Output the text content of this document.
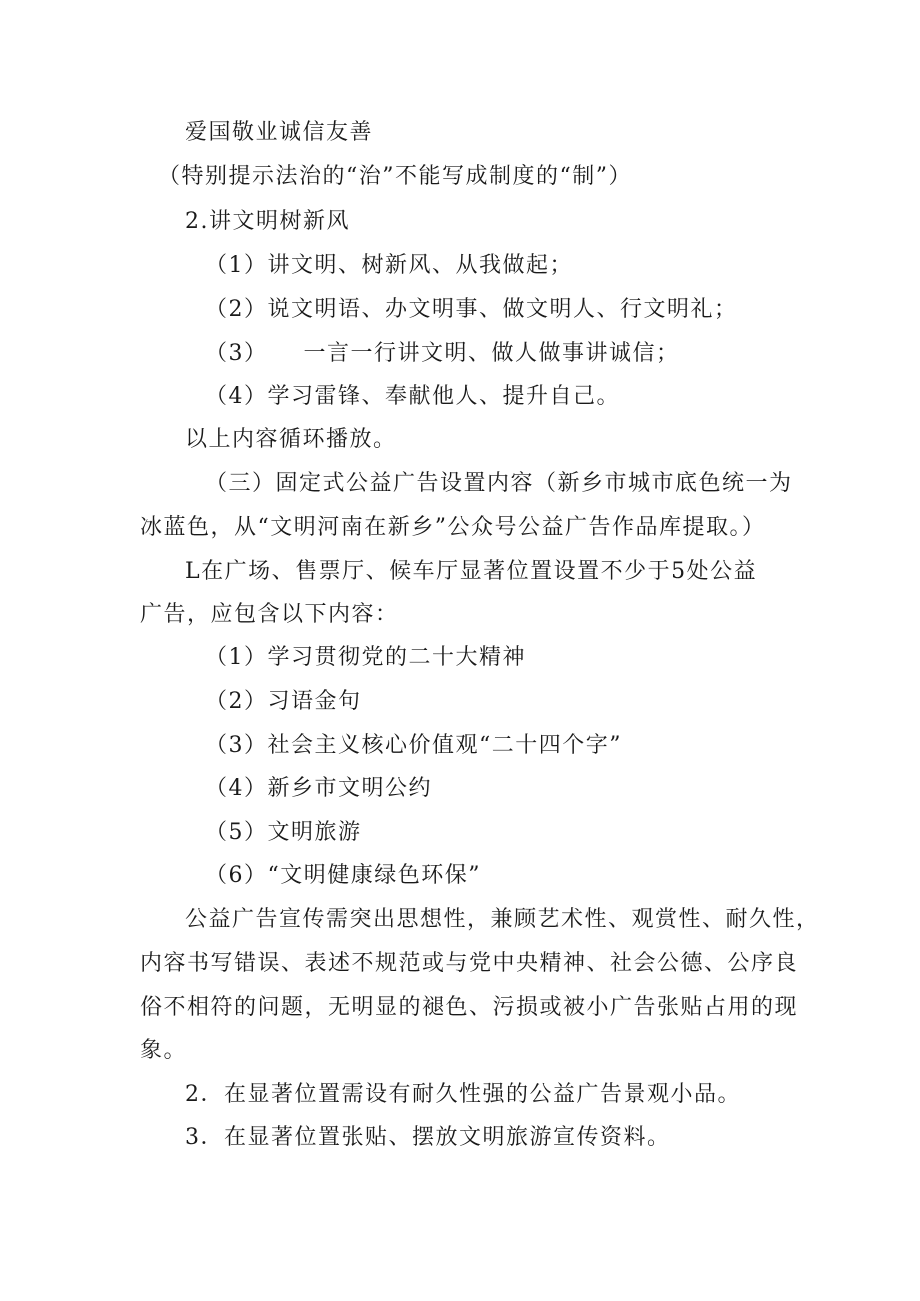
爱国敬业诚信友善
（特别提示法治的“治”不能写成制度的“制”）
2.讲文明树新风
（1）讲文明、树新风、从我做起；
（2）说文明语、办文明事、做文明人、行文明礼；
（3）　　一言一行讲文明、做人做事讲诚信；
（4）学习雷锋、奉献他人、提升自己。
以上内容循环播放。
（三）固定式公益广告设置内容（新乡市城市底色统一为
冰蓝色，从“文明河南在新乡”公众号公益广告作品库提取。）
L在广场、售票厅、候车厅显著位置设置不少于5处公益
广告，应包含以下内容：
（1）学习贯彻党的二十大精神
（2）习语金句
（3）社会主义核心价值观“二十四个字”
（4）新乡市文明公约
（5）文明旅游
（6）“文明健康绿色环保”
公益广告宣传需突出思想性，兼顾艺术性、观赏性、耐久性，
内容书写错误、表述不规范或与党中央精神、社会公德、公序良
俗不相符的问题，无明显的褪色、污损或被小广告张贴占用的现
象。
2．在显著位置需设有耐久性强的公益广告景观小品。
3．在显著位置张贴、摆放文明旅游宣传资料。
